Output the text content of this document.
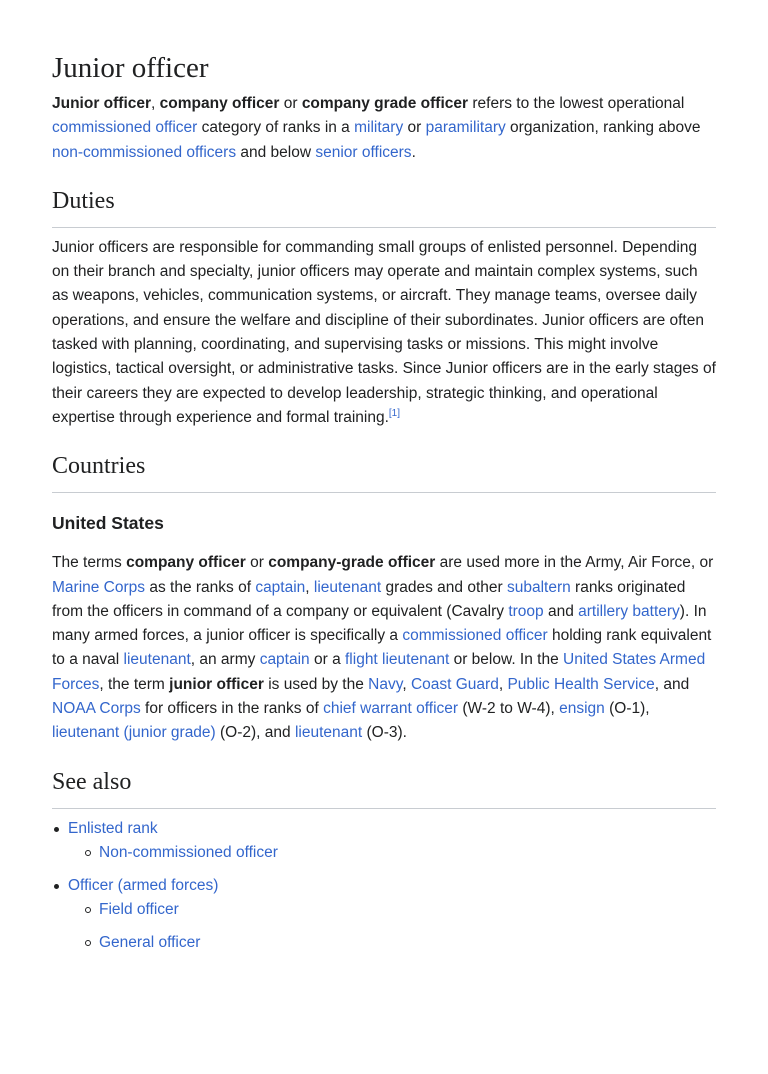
Junior officer

Junior officer, company officer or company grade officer refers to the lowest operational commissioned officer category of ranks in a military or paramilitary organization, ranking above non-commissioned officers and below senior officers.

Duties

Junior officers are responsible for commanding small groups of enlisted personnel. Depending on their branch and specialty, junior officers may operate and maintain complex systems, such as weapons, vehicles, communication systems, or aircraft. They manage teams, oversee daily operations, and ensure the welfare and discipline of their subordinates. Junior officers are often tasked with planning, coordinating, and supervising tasks or missions. This might involve logistics, tactical oversight, or administrative tasks. Since Junior officers are in the early stages of their careers they are expected to develop leadership, strategic thinking, and operational expertise through experience and formal training.[1]

Countries
United States

The terms company officer or company-grade officer are used more in the Army, Air Force, or Marine Corps as the ranks of captain, lieutenant grades and other subaltern ranks originated from the officers in command of a company or equivalent (Cavalry troop and artillery battery). In many armed forces, a junior officer is specifically a commissioned officer holding rank equivalent to a naval lieutenant, an army captain or a flight lieutenant or below. In the United States Armed Forces, the term junior officer is used by the Navy, Coast Guard, Public Health Service, and NOAA Corps for officers in the ranks of chief warrant officer (W-2 to W-4), ensign (O-1), lieutenant (junior grade) (O-2), and lieutenant (O-3).

See also
Enlisted rank
Non-commissioned officer
Officer (armed forces)
Field officer
General officer
